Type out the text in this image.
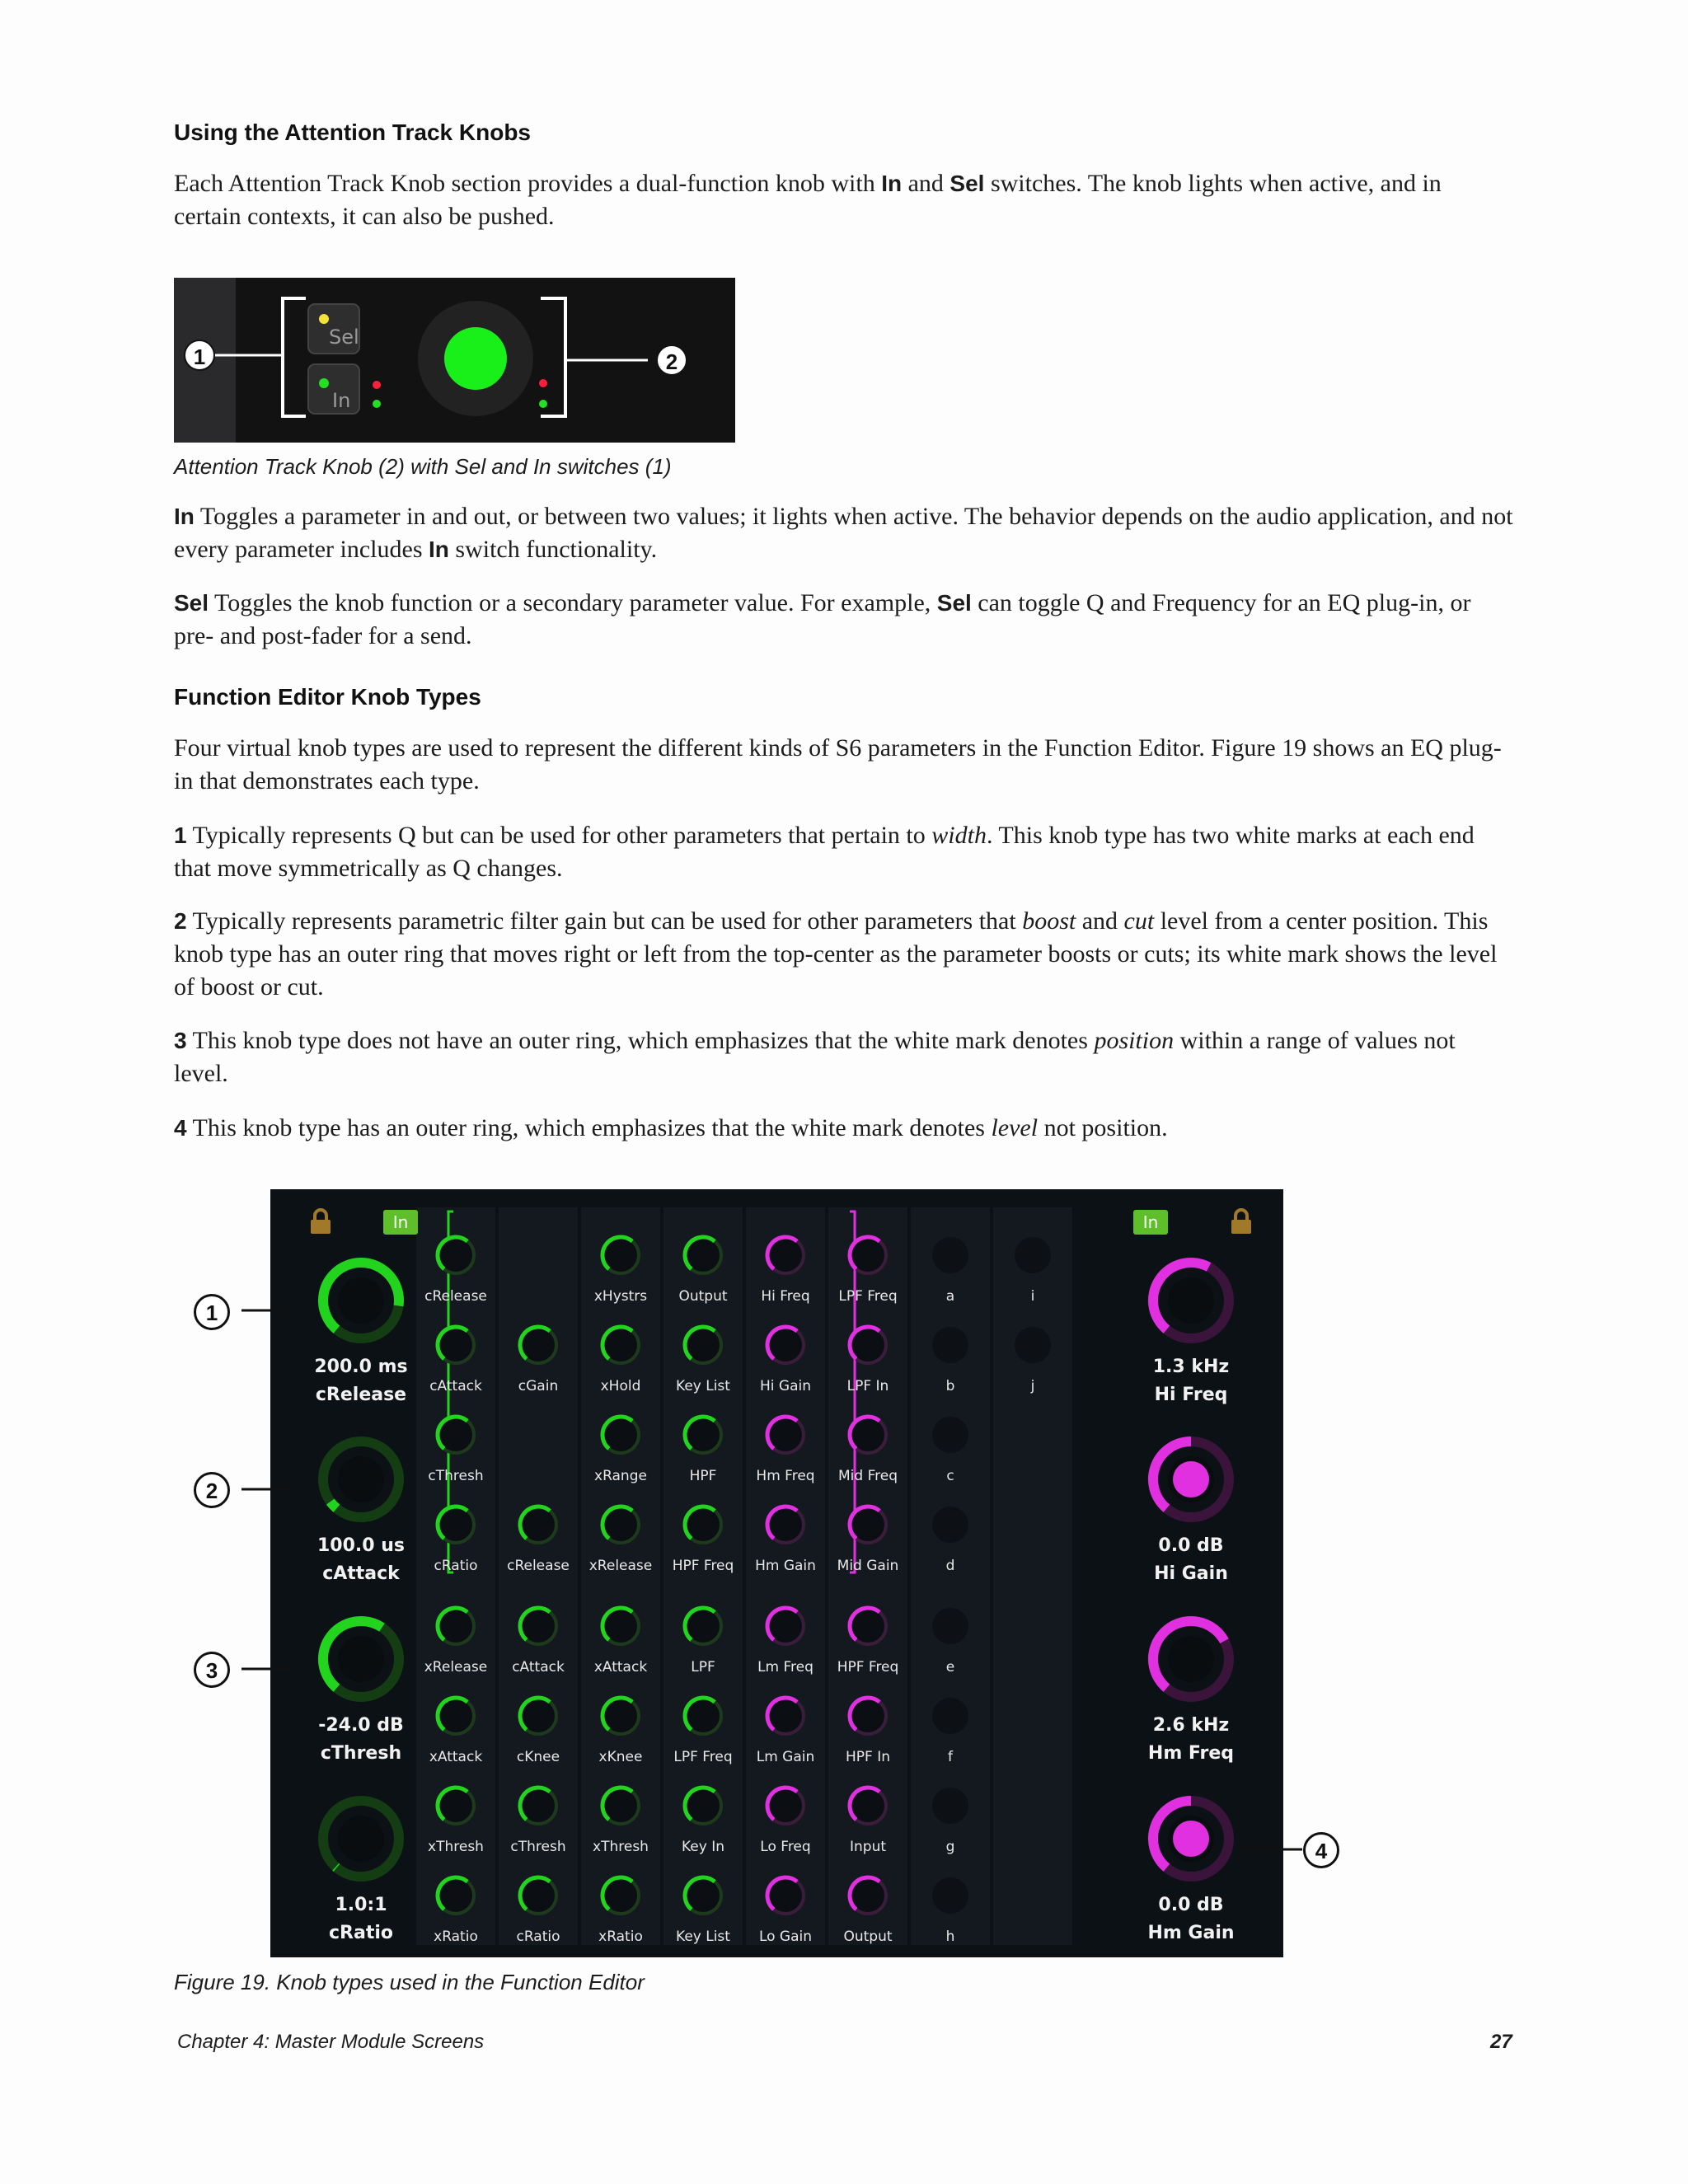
Using the Attention Track Knobs
Each Attention Track Knob section provides a dual-function knob with In and Sel switches. The knob lights when active, and in certain contexts, it can also be pushed.
Sel
In
1	2
Attention Track Knob (2) with Sel and In switches (1)
In Toggles a parameter in and out, or between two values; it lights when active. The behavior depends on the audio application, and not every parameter includes In switch functionality.
Sel Toggles the knob function or a secondary parameter value. For example, Sel can toggle Q and Frequency for an EQ plug-in, or pre- and post-fader for a send.
Function Editor Knob Types
Four virtual knob types are used to represent the different kinds of S6 parameters in the Function Editor. Figure 19 shows an EQ plug-in that demonstrates each type.
1 Typically represents Q but can be used for other parameters that pertain to width. This knob type has two white marks at each end that move symmetrically as Q changes.
2 Typically represents parametric filter gain but can be used for other parameters that boost and cut level from a center position. This knob type has an outer ring that moves right or left from the top-center as the parameter boosts or cuts; its white mark shows the level of boost or cut.
3 This knob type does not have an outer ring, which emphasizes that the white mark denotes position within a range of values not level.
4 This knob type has an outer ring, which emphasizes that the white mark denotes level not position.
cRelease
cAttack
cThresh
cRatio
xRelease
xAttack
xThresh
xRatio
cGain
cRelease
cAttack
cKnee
cThresh
cRatio
xHystrs
xHold
xRange
xRelease
xAttack
xKnee
xThresh
xRatio
Output
Key List
HPF
HPF Freq
LPF
LPF Freq
Key In
Key List
Hi Freq
Hi Gain
Hm Freq
Hm Gain
Lm Freq
Lm Gain
Lo Freq
Lo Gain
LPF Freq
LPF In
Mid Freq
Mid Gain
HPF Freq
HPF In
Input
Output
a
b
c
d
e
f
g
h
i
j
200.0 ms
cRelease
100.0 us
cAttack
-24.0 dB
cThresh
1.0:1
cRatio
1.3 kHz
Hi Freq
0.0 dB
Hi Gain
2.6 kHz
Hm Freq
0.0 dB
Hm Gain
In	In
1
2
3
4
Figure 19. Knob types used in the Function Editor
Chapter 4: Master Module Screens	27
